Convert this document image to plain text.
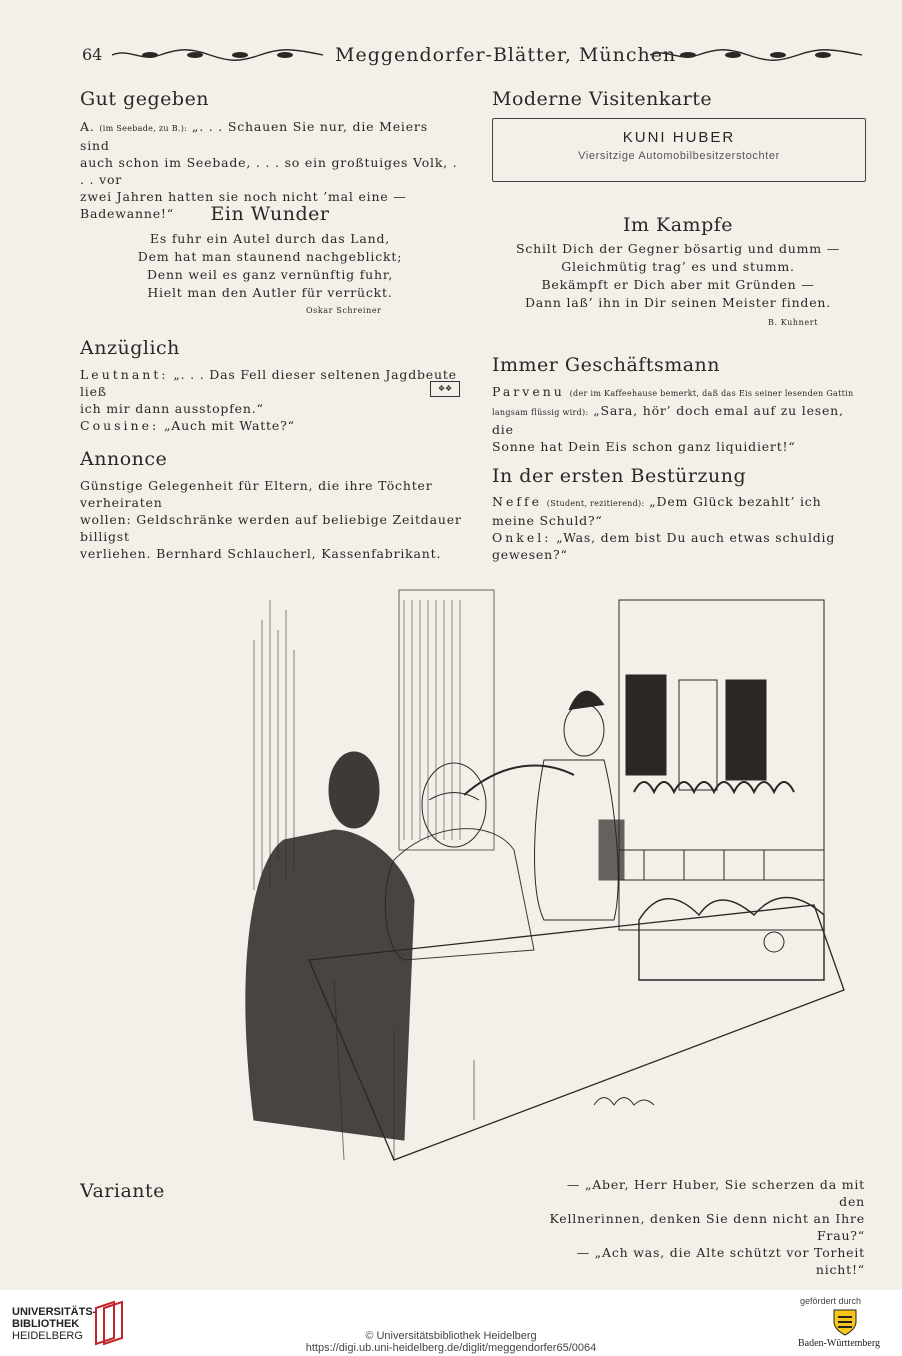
64	Meggendorfer-Blätter, München
Gut gegeben
A. (im Seebade, zu B.): „. . . Schauen Sie nur, die Meiers sind
auch schon im Seebade, . . . so ein großtuiges Volk, . . . vor
zwei Jahren hatten sie noch nicht ’mal eine — Badewanne!“	Ein Wunder
Es fuhr ein Autel durch das Land,
Dem hat man staunend nachgeblickt;
Denn weil es ganz vernünftig fuhr,
Hielt man den Autler für verrückt.
Oskar Schreiner
Anzüglich
Leutnant: „. . . Das Fell dieser seltenen Jagdbeute ließ
ich mir dann ausstopfen.“
Cousine: „Auch mit Watte?“
❖❖
Annonce
Günstige Gelegenheit für Eltern, die ihre Töchter verheiraten
wollen: Geldschränke werden auf beliebige Zeitdauer billigst
verliehen. Bernhard Schlaucherl, Kassenfabrikant.
Moderne Visitenkarte
KUNI HUBER
Viersitzige Automobilbesitzerstochter
Im Kampfe
Schilt Dich der Gegner bösartig und dumm —
Gleichmütig trag’ es und stumm.
Bekämpft er Dich aber mit Gründen —
Dann laß’ ihn in Dir seinen Meister finden.
B. Kuhnert
Immer Geschäftsmann
Parvenu (der im Kaffeehause bemerkt, daß das Eis seiner lesenden Gattin
langsam flüssig wird): „Sara, hör’ doch emal auf zu lesen, die
Sonne hat Dein Eis schon ganz liquidiert!“
In der ersten Bestürzung
Neffe (Student, rezitierend): „Dem Glück bezahlt’ ich meine Schuld?“
Onkel: „Was, dem bist Du auch etwas schuldig gewesen?“
Variante	— „Aber, Herr Huber, Sie scherzen da mit den
Kellnerinnen, denken Sie denn nicht an Ihre Frau?“
— „Ach was, die Alte schützt vor Torheit nicht!“
UNIVERSITÄTS-
BIBLIOTHEK
HEIDELBERG	© Universitätsbibliothek Heidelberg
https://digi.ub.uni-heidelberg.de/diglit/meggendorfer65/0064
gefördert durch
Baden-Württemberg
